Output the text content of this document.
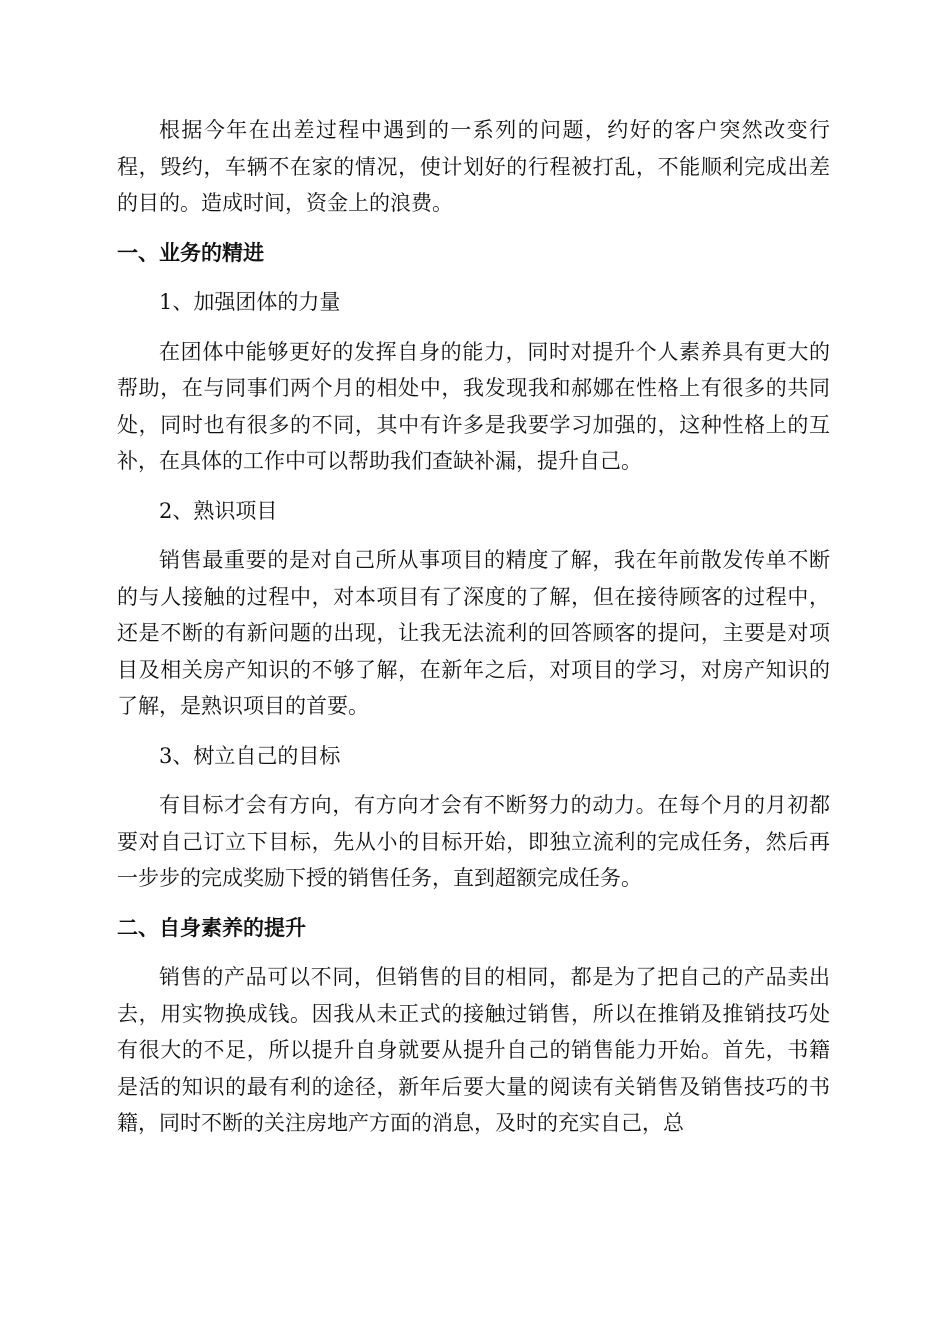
根据今年在出差过程中遇到的一系列的问题，约好的客户突然改变行程，毁约，车辆不在家的情况，使计划好的行程被打乱，不能顺利完成出差的目的。造成时间，资金上的浪费。

一、业务的精进

1、加强团体的力量

在团体中能够更好的发挥自身的能力，同时对提升个人素养具有更大的帮助，在与同事们两个月的相处中，我发现我和郝娜在性格上有很多的共同处，同时也有很多的不同，其中有许多是我要学习加强的，这种性格上的互补，在具体的工作中可以帮助我们查缺补漏，提升自己。

2、熟识项目

销售最重要的是对自己所从事项目的精度了解，我在年前散发传单不断的与人接触的过程中，对本项目有了深度的了解，但在接待顾客的过程中，还是不断的有新问题的出现，让我无法流利的回答顾客的提问，主要是对项目及相关房产知识的不够了解，在新年之后，对项目的学习，对房产知识的了解，是熟识项目的首要。

3、树立自己的目标

有目标才会有方向，有方向才会有不断努力的动力。在每个月的月初都要对自己订立下目标，先从小的目标开始，即独立流利的完成任务，然后再一步步的完成奖励下授的销售任务，直到超额完成任务。

二、自身素养的提升

销售的产品可以不同，但销售的目的相同，都是为了把自己的产品卖出去，用实物换成钱。因我从未正式的接触过销售，所以在推销及推销技巧处有很大的不足，所以提升自身就要从提升自己的销售能力开始。首先，书籍是活的知识的最有利的途径，新年后要大量的阅读有关销售及销售技巧的书籍，同时不断的关注房地产方面的消息，及时的充实自己，总
